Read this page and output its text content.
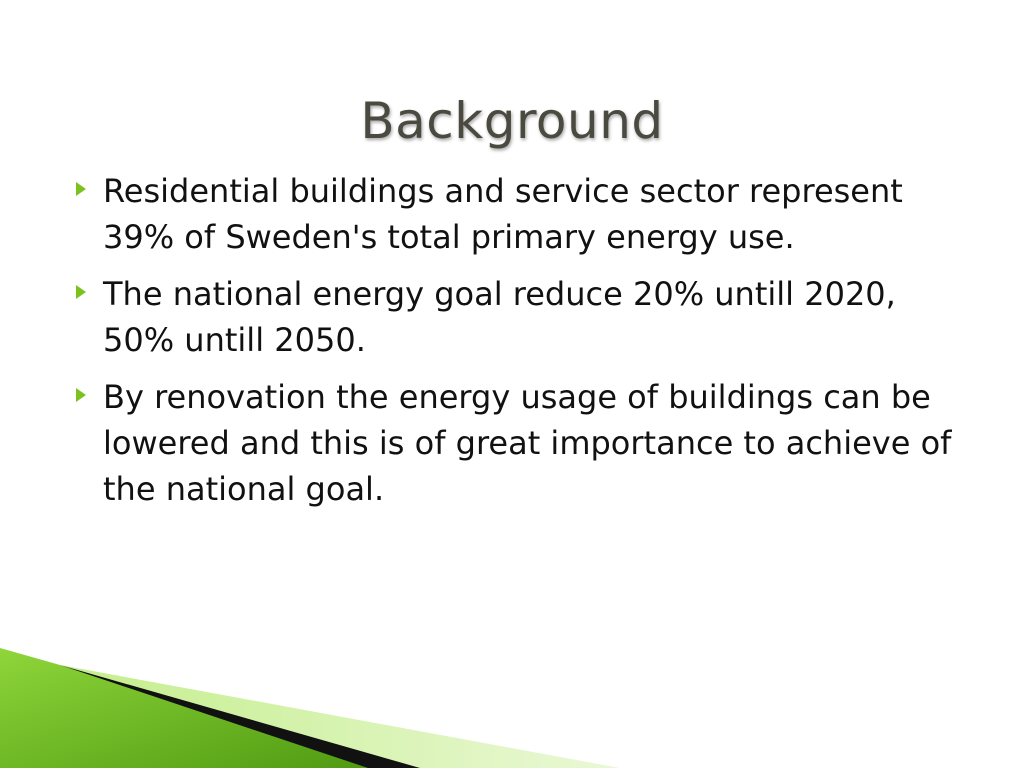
Background
Residential buildings and service sector represent 39% of Sweden's total primary energy use.
The national energy goal reduce 20% untill 2020, 50% untill 2050.
By renovation the energy usage of buildings can be lowered and this is of great importance to achieve of the national goal.
